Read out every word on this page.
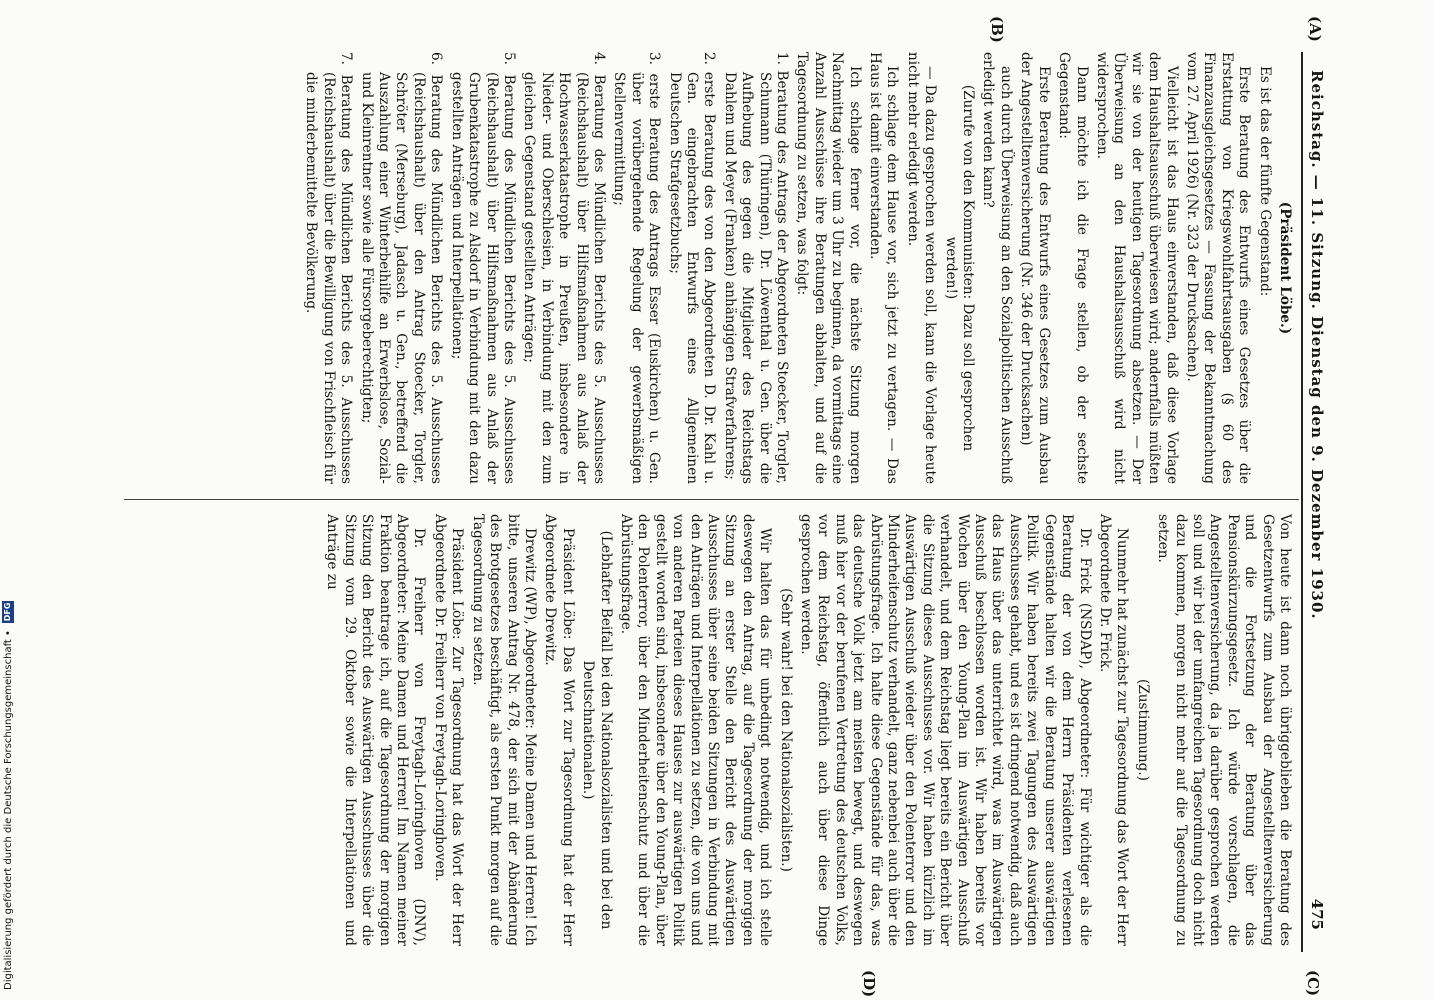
Reichstag. — 11. Sitzung. Dienstag den 9. Dezember 1930.
475
(A)
(B)
(C)
(D)

(Präsident Löbe.)

Es ist das der fünfte Gegenstand:

Erste Beratung des Entwurfs eines Gesetzes über die Erstattung von Kriegswohlfahrtsausgaben (§ 60 des Finanzausgleichsgesetzes — Fassung der Bekanntmachung vom 27. April 1926) (Nr. 323 der Drucksachen).

Vielleicht ist das Haus einverstanden, daß diese Vorlage dem Haushaltsausschuß überwiesen wird; andernfalls müßten wir sie von der heutigen Tagesordnung absetzen. — Der Überweisung an den Haushaltsausschuß wird nicht widersprochen.

Dann möchte ich die Frage stellen, ob der sechste Gegenstand:

Erste Beratung des Entwurfs eines Gesetzes zum Ausbau der Angestelltenversicherung (Nr. 346 der Drucksachen)

auch durch Überweisung an den Sozialpolitischen Ausschuß erledigt werden kann?

(Zurufe von den Kommunisten: Dazu soll gesprochen werden!)

— Da dazu gesprochen werden soll, kann die Vorlage heute nicht mehr erledigt werden.

Ich schlage dem Hause vor, sich jetzt zu vertagen. — Das Haus ist damit einverstanden.

Ich schlage ferner vor, die nächste Sitzung morgen Nachmittag wieder um 3 Uhr zu beginnen, da vormittags eine Anzahl Ausschüsse ihre Beratungen abhalten, und auf die Tagesordnung zu setzen, was folgt:

1. Beratung des Antrags der Abgeordneten Stoecker, Torgler, Schumann (Thüringen), Dr. Löwenthal u. Gen. über die Aufhebung des gegen die Mitglieder des Reichstags Dahlem und Meyer (Franken) anhängigen Strafverfahrens;

2. erste Beratung des von den Abgeordneten D. Dr. Kahl u. Gen. eingebrachten Entwurfs eines Allgemeinen Deutschen Strafgesetzbuchs;

3. erste Beratung des Antrags Esser (Euskirchen) u. Gen. über vorübergehende Regelung der gewerbsmäßigen Stellenvermittlung;

4. Beratung des Mündlichen Berichts des 5. Ausschusses (Reichshaushalt) über Hilfsmaßnahmen aus Anlaß der Hochwasserkatastrophe in Preußen, insbesondere in Nieder- und Oberschlesien, in Verbindung mit den zum gleichen Gegenstand gestellten Anträgen;

5. Beratung des Mündlichen Berichts des 5. Ausschusses (Reichshaushalt) über Hilfsmaßnahmen aus Anlaß der Grubenkatastrophe zu Alsdorf in Verbindung mit den dazu gestellten Anträgen und Interpellationen;

6. Beratung des Mündlichen Berichts des 5. Ausschusses (Reichshaushalt) über den Antrag Stoecker, Torgler, Schröter (Merseburg), Jadasch u. Gen., betreffend die Auszahlung einer Winterbeihilfe an Erwerbslose, Sozial- und Kleinrentner sowie alle Fürsorgeberechtigten;

7. Beratung des Mündlichen Berichts des 5. Ausschusses (Reichshaushalt) über die Bewilligung von Frischfleisch für die minderbemittelte Bevölkerung.

Von heute ist dann noch übriggeblieben die Beratung des Gesetzentwurfs zum Ausbau der Angestelltenversicherung und die Fortsetzung der Beratung über das Pensionskürzungsgesetz. Ich würde vorschlagen, die Angestelltenversicherung, da ja darüber gesprochen werden soll und wir bei der umfangreichen Tagesordnung doch nicht dazu kommen, morgen nicht mehr auf die Tagesordnung zu setzen.

(Zustimmung.)

Nunmehr hat zunächst zur Tagesordnung das Wort der Herr Abgeordnete Dr. Frick.

Dr. Frick (NSDAP), Abgeordneter: Für wichtiger als die Beratung der von dem Herrn Präsidenten verlesenen Gegenstände halten wir die Beratung unserer auswärtigen Politik. Wir haben bereits zwei Tagungen des Auswärtigen Ausschusses gehabt, und es ist dringend notwendig, daß auch das Haus über das unterrichtet wird, was im Auswärtigen Ausschuß beschlossen worden ist. Wir haben bereits vor Wochen über den Young-Plan im Auswärtigen Ausschuß verhandelt, und dem Reichstag liegt bereits ein Bericht über die Sitzung dieses Ausschusses vor. Wir haben kürzlich im Auswärtigen Ausschuß wieder über den Polenterror und den Minderheitenschutz verhandelt, ganz nebenbei auch über die Abrüstungsfrage. Ich halte diese Gegenstände für das, was das deutsche Volk jetzt am meisten bewegt, und deswegen muß hier vor der berufenen Vertretung des deutschen Volks, vor dem Reichstag, öffentlich auch über diese Dinge gesprochen werden.

(Sehr wahr! bei den Nationalsozialisten.)

Wir halten das für unbedingt notwendig, und ich stelle deswegen den Antrag, auf die Tagesordnung der morgigen Sitzung an erster Stelle den Bericht des Auswärtigen Ausschusses über seine beiden Sitzungen in Verbindung mit den Anträgen und Interpellationen zu setzen, die von uns und von anderen Parteien dieses Hauses zur auswärtigen Politik gestellt worden sind, insbesondere über den Young-Plan, über den Polenterror, über den Minderheitenschutz und über die Abrüstungsfrage.

(Lebhafter Beifall bei den Nationalsozialisten und bei den Deutschnationalen.)

Präsident Löbe: Das Wort zur Tagesordnung hat der Herr Abgeordnete Drewitz.

Drewitz (WP), Abgeordneter: Meine Damen und Herren! Ich bitte, unseren Antrag Nr. 478, der sich mit der Abänderung des Brotgesetzes beschäftigt, als ersten Punkt morgen auf die Tagesordnung zu setzen.

Präsident Löbe: Zur Tagesordnung hat das Wort der Herr Abgeordnete Dr. Freiherr von Freytagh-Loringhoven.

Dr. Freiherr von Freytagh-Loringhoven (DNV), Abgeordneter: Meine Damen und Herren! Im Namen meiner Fraktion beantrage ich, auf die Tagesordnung der morgigen Sitzung den Bericht des Auswärtigen Ausschusses über die Sitzung vom 29. Oktober sowie die Interpellationen und Anträge zu

Digitalisierung gefördert durch die Deutsche Forschungsgemeinschaft • DFG
